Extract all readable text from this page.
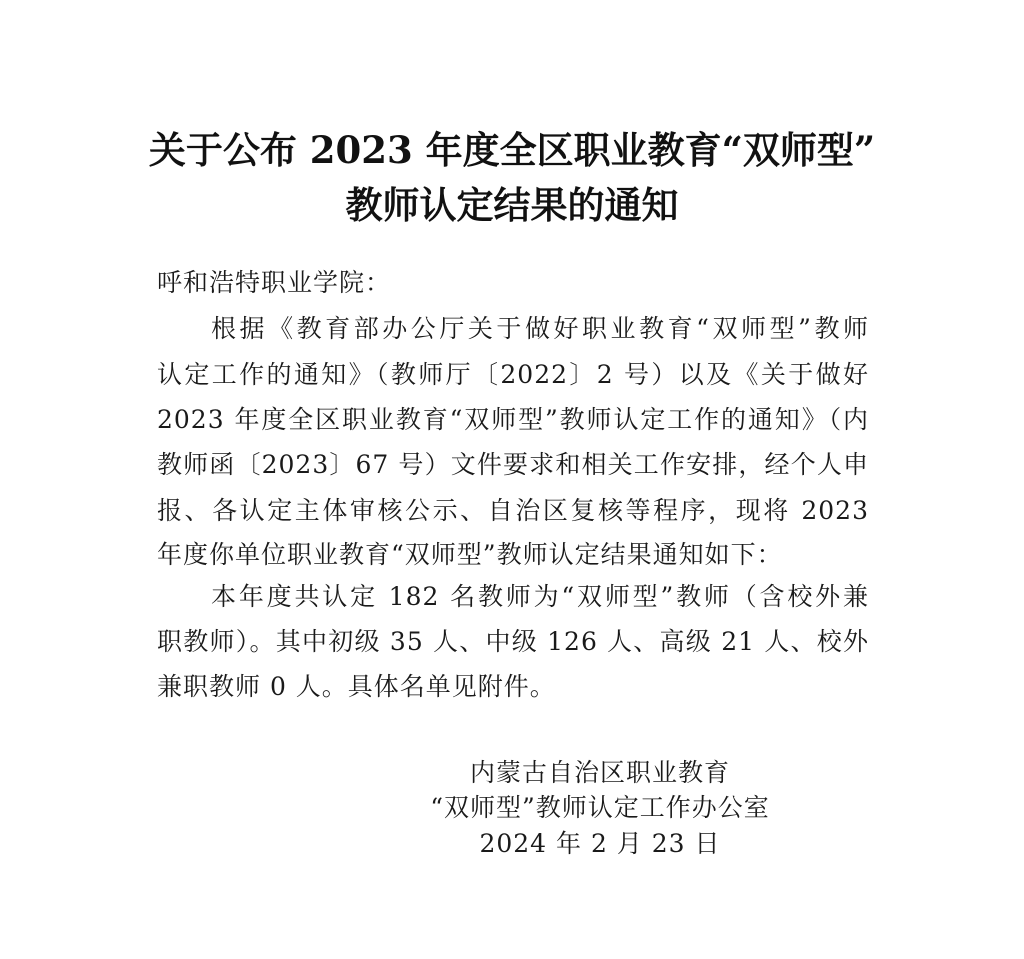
关于公布 2023 年度全区职业教育“双师型”
教师认定结果的通知
呼和浩特职业学院：
根据《教育部办公厅关于做好职业教育“双师型”教师
认定工作的通知》（教师厅〔2022〕2 号）以及《关于做好
2023 年度全区职业教育“双师型”教师认定工作的通知》（内
教师函〔2023〕67 号）文件要求和相关工作安排，经个人申
报、各认定主体审核公示、自治区复核等程序，现将 2023
年度你单位职业教育“双师型”教师认定结果通知如下：
本年度共认定 182 名教师为“双师型”教师（含校外兼
职教师）。其中初级 35 人、中级 126 人、高级 21 人、校外
兼职教师 0 人。具体名单见附件。
内蒙古自治区职业教育
“双师型”教师认定工作办公室
2024 年 2 月 23 日
